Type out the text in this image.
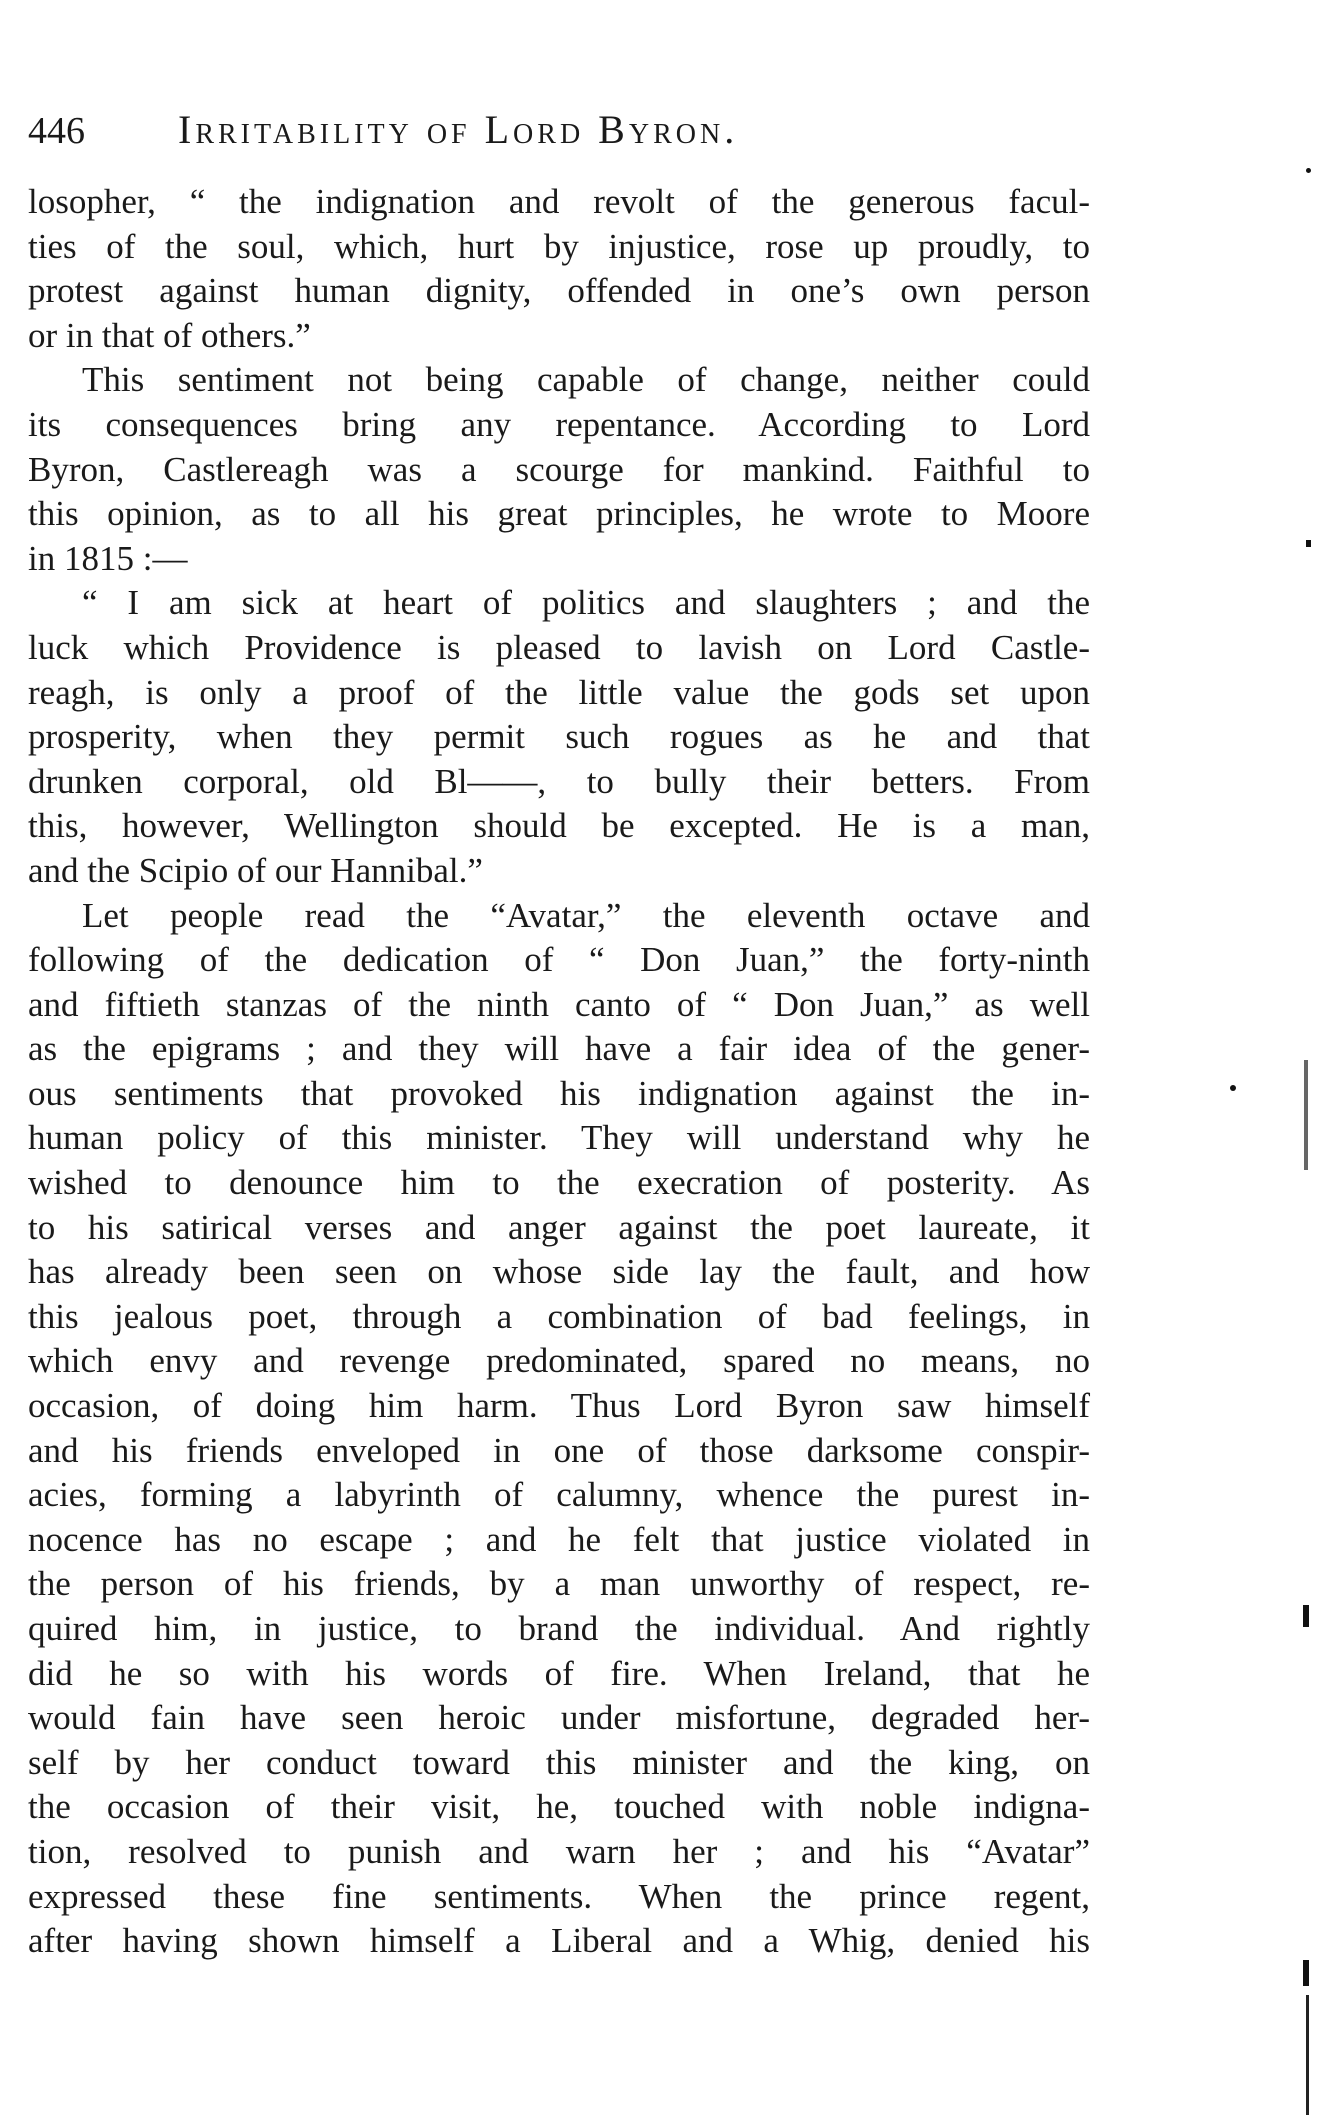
446 Irritability of Lord Byron.
losopher, “ the indignation and revolt of the generous facul-
ties of the soul, which, hurt by injustice, rose up proudly, to
protest against human dignity, offended in one’s own person
or in that of others.”
This sentiment not being capable of change, neither could
its consequences bring any repentance. According to Lord
Byron, Castlereagh was a scourge for mankind. Faithful to
this opinion, as to all his great principles, he wrote to Moore
in 1815 :—
“ I am sick at heart of politics and slaughters ; and the
luck which Providence is pleased to lavish on Lord Castle-
reagh, is only a proof of the little value the gods set upon
prosperity, when they permit such rogues as he and that
drunken corporal, old Bl——, to bully their betters. From
this, however, Wellington should be excepted. He is a man,
and the Scipio of our Hannibal.”
Let people read the “Avatar,” the eleventh octave and
following of the dedication of “ Don Juan,” the forty-ninth
and fiftieth stanzas of the ninth canto of “ Don Juan,” as well
as the epigrams ; and they will have a fair idea of the gener-
ous sentiments that provoked his indignation against the in-
human policy of this minister. They will understand why he
wished to denounce him to the execration of posterity. As
to his satirical verses and anger against the poet laureate, it
has already been seen on whose side lay the fault, and how
this jealous poet, through a combination of bad feelings, in
which envy and revenge predominated, spared no means, no
occasion, of doing him harm. Thus Lord Byron saw himself
and his friends enveloped in one of those darksome conspir-
acies, forming a labyrinth of calumny, whence the purest in-
nocence has no escape ; and he felt that justice violated in
the person of his friends, by a man unworthy of respect, re-
quired him, in justice, to brand the individual. And rightly
did he so with his words of fire. When Ireland, that he
would fain have seen heroic under misfortune, degraded her-
self by her conduct toward this minister and the king, on
the occasion of their visit, he, touched with noble indigna-
tion, resolved to punish and warn her ; and his “Avatar”
expressed these fine sentiments. When the prince regent,
after having shown himself a Liberal and a Whig, denied his
